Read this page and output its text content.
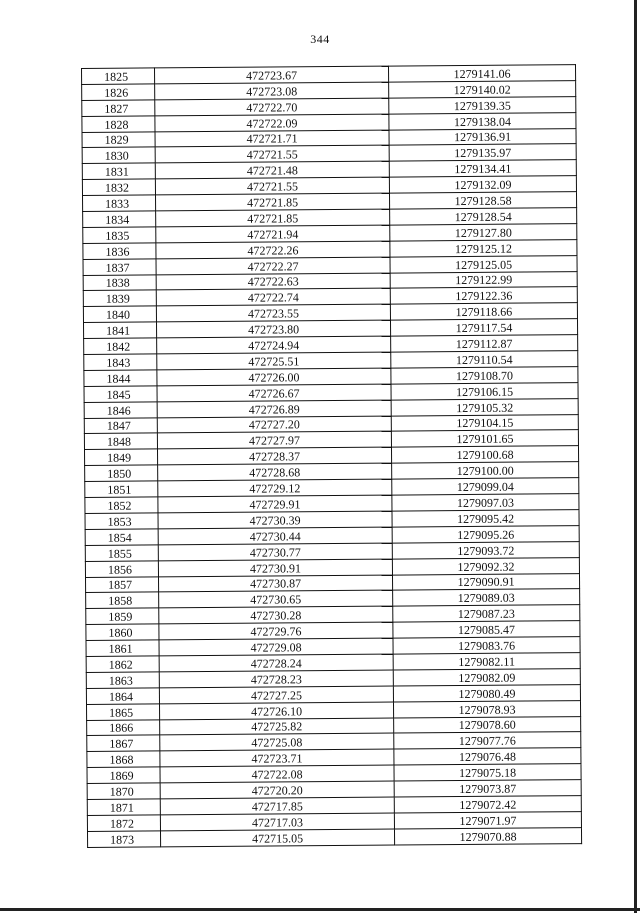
344
1825	472723.67	1279141.06
1826	472723.08	1279140.02
1827	472722.70	1279139.35
1828	472722.09	1279138.04
1829	472721.71	1279136.91
1830	472721.55	1279135.97
1831	472721.48	1279134.41
1832	472721.55	1279132.09
1833	472721.85	1279128.58
1834	472721.85	1279128.54
1835	472721.94	1279127.80
1836	472722.26	1279125.12
1837	472722.27	1279125.05
1838	472722.63	1279122.99
1839	472722.74	1279122.36
1840	472723.55	1279118.66
1841	472723.80	1279117.54
1842	472724.94	1279112.87
1843	472725.51	1279110.54
1844	472726.00	1279108.70
1845	472726.67	1279106.15
1846	472726.89	1279105.32
1847	472727.20	1279104.15
1848	472727.97	1279101.65
1849	472728.37	1279100.68
1850	472728.68	1279100.00
1851	472729.12	1279099.04
1852	472729.91	1279097.03
1853	472730.39	1279095.42
1854	472730.44	1279095.26
1855	472730.77	1279093.72
1856	472730.91	1279092.32
1857	472730.87	1279090.91
1858	472730.65	1279089.03
1859	472730.28	1279087.23
1860	472729.76	1279085.47
1861	472729.08	1279083.76
1862	472728.24	1279082.11
1863	472728.23	1279082.09
1864	472727.25	1279080.49
1865	472726.10	1279078.93
1866	472725.82	1279078.60
1867	472725.08	1279077.76
1868	472723.71	1279076.48
1869	472722.08	1279075.18
1870	472720.20	1279073.87
1871	472717.85	1279072.42
1872	472717.03	1279071.97
1873	472715.05	1279070.88
